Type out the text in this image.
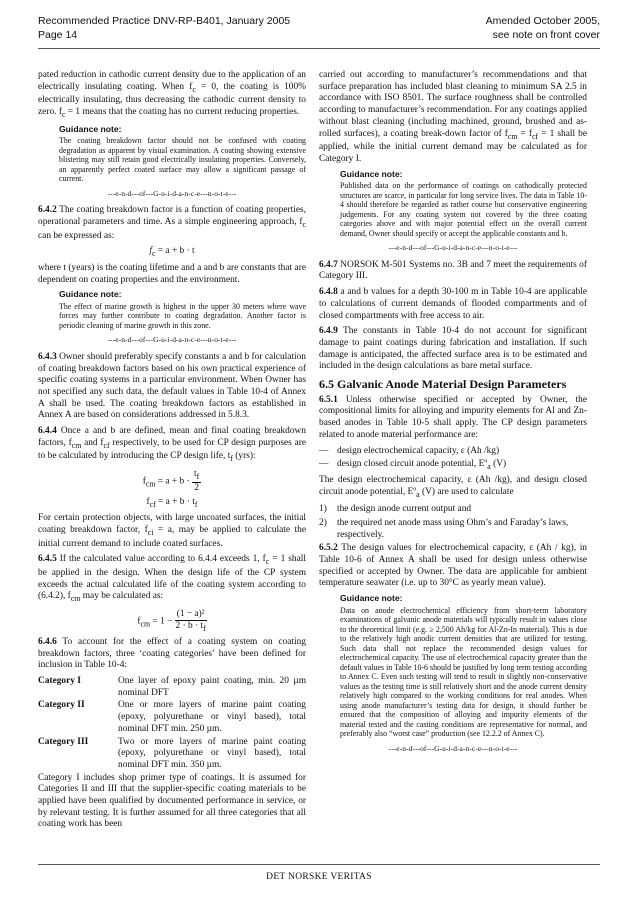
Recommended Practice DNV-RP-B401, January 2005
Page 14
Amended October 2005,
see note on front cover

pated reduction in cathodic current density due to the application of an electrically insulating coating. When $f_c = 0$, the coating is 100% electrically insulating, thus decreasing the cathodic current density to zero. $f_c = 1$ means that the coating has no current reducing properties.

Guidance note:
The coating breakdown factor should not be confused with coating degradation as apparent by visual examination. A coating showing extensive blistering may still retain good electrically insulating properties. Conversely, an apparently perfect coated surface may allow a significant passage of current.
---e-n-d---of---G-u-i-d-a-n-c-e---n-o-t-e---

6.4.2 The coating breakdown factor is a function of coating properties, operational parameters and time. As a simple engineering approach, $f_c$ can be expressed as:

$f_c = a + b \cdot t$

where t (years) is the coating lifetime and a and b are constants that are dependent on coating properties and the environment.

Guidance note:
The effect of marine growth is highest in the upper 30 meters where wave forces may further contribute to coating degradation. Another factor is periodic cleaning of marine growth in this zone.
---e-n-d---of---G-u-i-d-a-n-c-e---n-o-t-e---

6.4.3 Owner should preferably specify constants a and b for calculation of coating breakdown factors based on his own practical experience of specific coating systems in a particular environment. When Owner has not specified any such data, the default values in Table 10-4 of Annex A shall be used. The coating breakdown factors as established in Annex A are based on considerations addressed in 5.8.3.

6.4.4 Once a and b are defined, mean and final coating breakdown factors, $f_{cm}$ and $f_{cf}$ respectively, to be used for CP design purposes are to be calculated by introducing the CP design life, $t_f$ (yrs):

$f_{cm} = a + b \cdot \frac{t_f}{2}$
$f_{cf} = a + b \cdot t_f$

For certain protection objects, with large uncoated surfaces, the initial coating breakdown factor, $f_{ci} = a$, may be applied to calculate the initial current demand to include coated surfaces.

6.4.5 If the calculated value according to 6.4.4 exceeds 1, $f_c = 1$ shall be applied in the design. When the design life of the CP system exceeds the actual calculated life of the coating system according to (6.4.2), $f_{cm}$ may be calculated as:

$f_{cm} = 1 - \frac{\text{(1 − a)²}}{2 \cdot b \cdot t_f}$

6.4.6 To account for the effect of a coating system on coating breakdown factors, three ‘coating categories’ have been defined for inclusion in Table 10-4:

Category I	One layer of epoxy paint coating, min. 20 µm nominal DFT
Category II	One or more layers of marine paint coating (epoxy, polyurethane or vinyl based), total nominal DFT min. 250 µm.
Category III	Two or more layers of marine paint coating (epoxy, polyurethane or vinyl based), total nominal DFT min. 350 µm.

Category I includes shop primer type of coatings. It is assumed for Categories II and III that the supplier-specific coating materials to be applied have been qualified by documented performance in service, or by relevant testing. It is further assumed for all three categories that all coating work has been

carried out according to manufacturer’s recommendations and that surface preparation has included blast cleaning to minimum SA 2.5 in accordance with ISO 8501. The surface roughness shall be controlled according to manufacturer’s recommendation. For any coatings applied without blast cleaning (including machined, ground, brushed and as-rolled surfaces), a coating break-down factor of $f_{cm} = f_{cf} = 1$ shall be applied, while the initial current demand may be calculated as for Category I.

Guidance note:
Published data on the performance of coatings on cathodically protected structures are scarce, in particular for long service lives. The data in Table 10-4 should therefore be regarded as rather course but conservative engineering judgements. For any coating system not covered by the three coating categories above and with major potential effect on the overall current demand, Owner should specify or accept the applicable constants and b.
---e-n-d---of---G-u-i-d-a-n-c-e---n-o-t-e---

6.4.7 NORSOK M-501 Systems no. 3B and 7 meet the requirements of Category III.

6.4.8 a and b values for a depth 30-100 m in Table 10-4 are applicable to calculations of current demands of flooded compartments and of closed compartments with free access to air.

6.4.9 The constants in Table 10-4 do not account for significant damage to paint coatings during fabrication and installation. If such damage is anticipated, the affected surface area is to be estimated and included in the design calculations as bare metal surface.

6.5 Galvanic Anode Material Design Parameters

6.5.1 Unless otherwise specified or accepted by Owner, the compositional limits for alloying and impurity elements for Al and Zn-based anodes in Table 10-5 shall apply. The CP design parameters related to anode material performance are:

— design electrochemical capacity, ε (Ah /kg)
— design closed circuit anode potential, Eº$_a$ (V)

The design electrochemical capacity, ε (Ah /kg), and design closed circuit anode potential, Eº$_a$ (V) are used to calculate

1)	the design anode current output and
2)	the required net anode mass using Ohm’s and Faraday’s laws, respectively.

6.5.2 The design values for electrochemical capacity, ε (Ah / kg), in Table 10-6 of Annex A shall be used for design unless otherwise specified or accepted by Owner. The data are applicable for ambient temperature seawater (i.e. up to 30°C as yearly mean value).

Guidance note:
Data on anode electrochemical efficiency from short-term laboratory examinations of galvanic anode materials will typically result in values close to the theoretical limit (e.g. ≥ 2,500 Ah/kg for Al-Zn-In material). This is due to the relatively high anodic current densities that are utilized for testing. Such data shall not replace the recommended design values for electrochemical capacity. The use of electrochemical capacity greater than the default values in Table 10-6 should be justified by long term testing according to Annex C. Even such testing will tend to result in slightly non-conservative values as the testing time is still relatively short and the anode current density relatively high compared to the working conditions for real anodes. When using anode manufacturer’s testing data for design, it should further be ensured that the composition of alloying and impurity elements of the material tested and the casting conditions are representative for normal, and preferably also “worst case” production (see 12.2.2 of Annex C).
---e-n-d---of---G-u-i-d-a-n-c-e---n-o-t-e---
DET NORSKE VERITAS
